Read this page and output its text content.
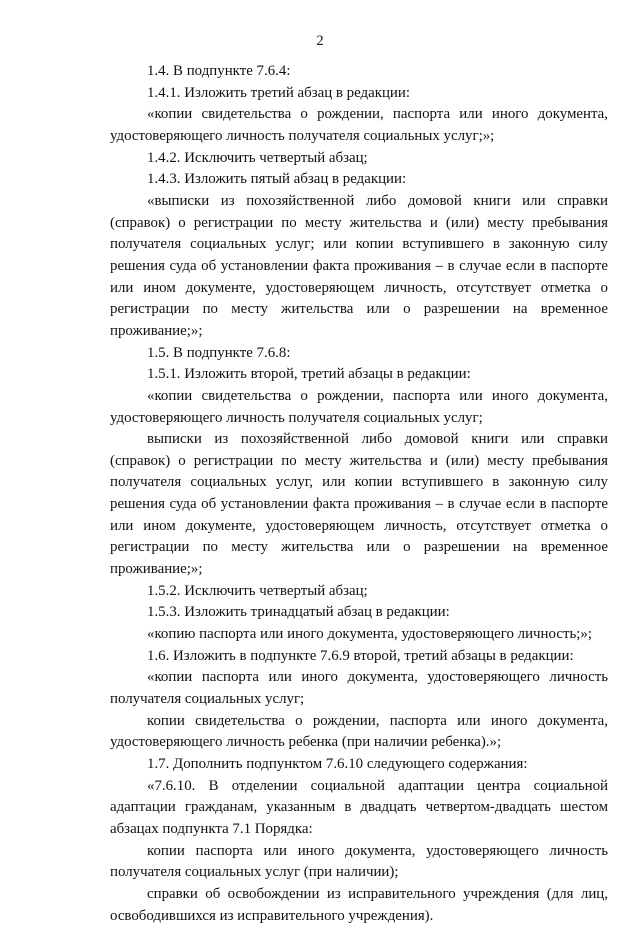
2

1.4. В подпункте 7.6.4:

1.4.1. Изложить третий абзац в редакции:

«копии свидетельства о рождении, паспорта или иного документа, удостоверяющего личность получателя социальных услуг;»;

1.4.2. Исключить четвертый абзац;

1.4.3. Изложить пятый абзац в редакции:

«выписки из похозяйственной либо домовой книги или справки (справок) о регистрации по месту жительства и (или) месту пребывания получателя социальных услуг; или копии вступившего в законную силу решения суда об установлении факта проживания – в случае если в паспорте или ином документе, удостоверяющем личность, отсутствует отметка о регистрации по месту жительства или о разрешении на временное проживание;»;

1.5. В подпункте 7.6.8:

1.5.1. Изложить второй, третий абзацы в редакции:

«копии свидетельства о рождении, паспорта или иного документа, удостоверяющего личность получателя социальных услуг;

выписки из похозяйственной либо домовой книги или справки (справок) о регистрации по месту жительства и (или) месту пребывания получателя социальных услуг, или копии вступившего в законную силу решения суда об установлении факта проживания – в случае если в паспорте или ином документе, удостоверяющем личность, отсутствует отметка о регистрации по месту жительства или о разрешении на временное проживание;»;

1.5.2. Исключить четвертый абзац;

1.5.3. Изложить тринадцатый абзац в редакции:

«копию паспорта или иного документа, удостоверяющего личность;»;

1.6. Изложить в подпункте 7.6.9 второй, третий абзацы в редакции:

«копии паспорта или иного документа, удостоверяющего личность получателя социальных услуг;

копии свидетельства о рождении, паспорта или иного документа, удостоверяющего личность ребенка (при наличии ребенка).»;

1.7. Дополнить подпунктом 7.6.10 следующего содержания:

«7.6.10. В отделении социальной адаптации центра социальной адаптации гражданам, указанным в двадцать четвертом-двадцать шестом абзацах подпункта 7.1 Порядка:

копии паспорта или иного документа, удостоверяющего личность получателя социальных услуг (при наличии);

справки об освобождении из исправительного учреждения (для лиц, освободившихся из исправительного учреждения).
